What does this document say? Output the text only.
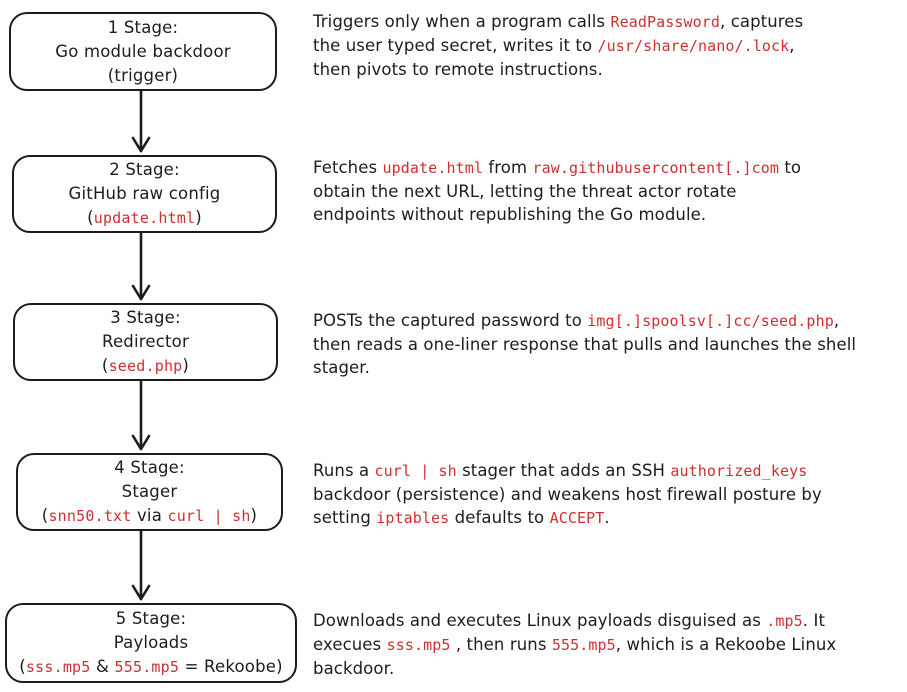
1 Stage:
Go module backdoor
(trigger)
2 Stage:
GitHub raw config
(update.html)
3 Stage:
Redirector
(seed.php)
4 Stage:
Stager
(snn50.txt via curl | sh)
5 Stage:
Payloads
(sss.mp5 & 555.mp5 = Rekoobe)
Triggers only when a program calls ReadPassword, captures
the user typed secret, writes it to /usr/share/nano/.lock,
then pivots to remote instructions.
Fetches update.html from raw.githubusercontent[.]com to
obtain the next URL, letting the threat actor rotate
endpoints without republishing the Go module.
POSTs the captured password to img[.]spoolsv[.]cc/seed.php,
then reads a one-liner response that pulls and launches the shell
stager.
Runs a curl | sh stager that adds an SSH authorized_keys
backdoor (persistence) and weakens host firewall posture by
setting iptables defaults to ACCEPT.
Downloads and executes Linux payloads disguised as .mp5. It
execues sss.mp5 , then runs 555.mp5, which is a Rekoobe Linux
backdoor.
